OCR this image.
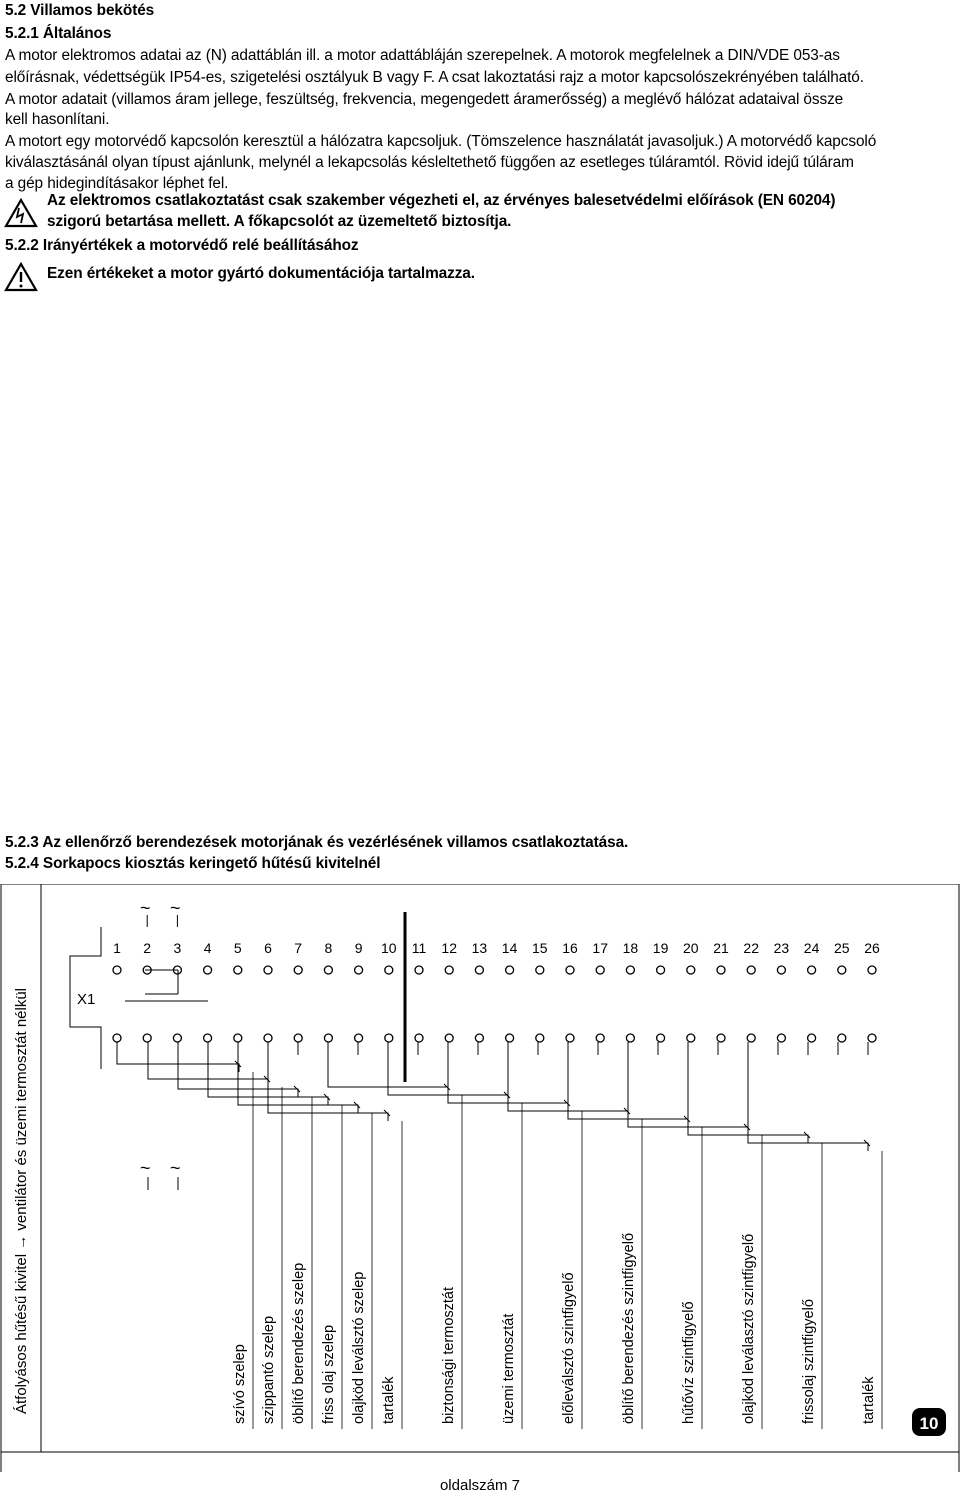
5.2 Villamos bekötés
5.2.1 Általános
A motor elektromos adatai az (N) adattáblán ill. a motor adattábláján szerepelnek. A motorok megfelelnek a DIN/VDE 053-as
előírásnak, védettségük IP54-es, szigetelési osztályuk B vagy F. A csat lakoztatási rajz a motor kapcsolószekrényében található.
A motor adatait (villamos áram jellege, feszültség, frekvencia, megengedett áramerősség) a meglévő hálózat adataival össze
kell hasonlítani.
A motort egy motorvédő kapcsolón keresztül a hálózatra kapcsoljuk. (Tömszelence használatát javasoljuk.) A motorvédő kapcsoló
kiválasztásánál olyan típust ajánlunk, melynél a lekapcsolás késleltethető függően az esetleges túláramtól. Rövid idejű túláram
a gép hidegindításakor léphet fel.
Az elektromos csatlakoztatást csak szakember végezheti el, az érvényes balesetvédelmi előírások (EN 60204)
szigorú betartása mellett. A főkapcsolót az üzemeltető biztosítja.
5.2.2 Irányértékek a motorvédő relé beállításához
Ezen értékeket a motor gyártó dokumentációja tartalmazza.
5.2.3 Az ellenőrző berendezések motorjának és vezérlésének villamos csatlakoztatása.
5.2.4 Sorkapocs kiosztás keringető hűtésű kivitelnél
Átfolyásos hűtésű kivitel → ventilátor és üzemi termosztát nélkül	X1
~ ~
~ ~
1 2 3 4 5 6 7 8 9 10 11 12 13 14 15 16 17 18 19 20 21 22 23 24 25 26
szívó szelep szippantó szelep öblítő berendezés szelep friss olaj szelep olajköd leválsztó szelep tartalék	biztonsági termosztát	üzemi termosztát	előleválsztó szintfigyelő	öblítő berendezés szintfigyelő	hűtővíz szintfigyelő	olajköd leválasztó szintfigyelő	frissolaj szintfigyelő	tartalék	10
oldalszám 7
